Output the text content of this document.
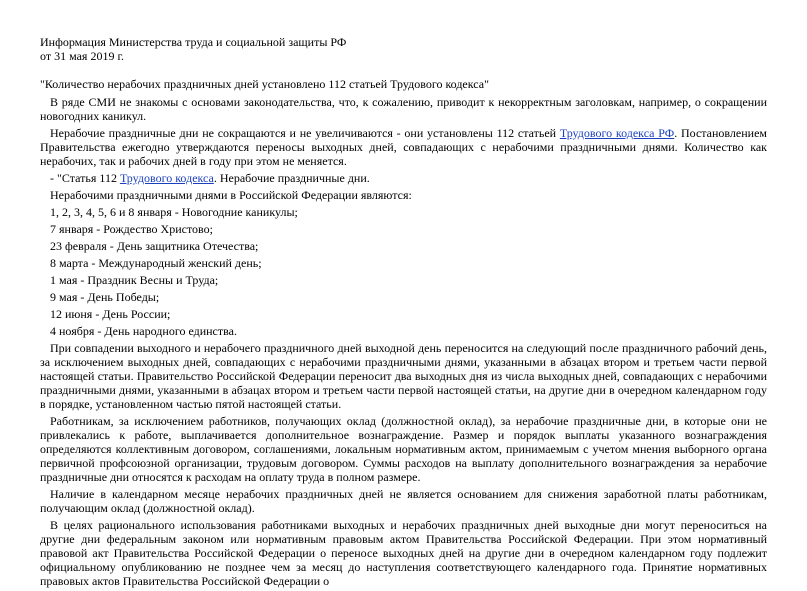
Информация Министерства труда и социальной защиты РФ
от 31 мая 2019 г.
"Количество нерабочих праздничных дней установлено 112 статьей Трудового кодекса"

В ряде СМИ не знакомы с основами законодательства, что, к сожалению, приводит к некорректным заголовкам, например, о сокращении новогодних каникул.

Нерабочие праздничные дни не сокращаются и не увеличиваются - они установлены 112 статьей Трудового кодекса РФ. Постановлением Правительства ежегодно утверждаются переносы выходных дней, совпадающих с нерабочими праздничными днями. Количество как нерабочих, так и рабочих дней в году при этом не меняется.

- "Статья 112 Трудового кодекса. Нерабочие праздничные дни.
Нерабочими праздничными днями в Российской Федерации являются:
1, 2, 3, 4, 5, 6 и 8 января - Новогодние каникулы;
7 января - Рождество Христово;
23 февраля - День защитника Отечества;
8 марта - Международный женский день;
1 мая - Праздник Весны и Труда;
9 мая - День Победы;
12 июня - День России;
4 ноября - День народного единства.

При совпадении выходного и нерабочего праздничного дней выходной день переносится на следующий после праздничного рабочий день, за исключением выходных дней, совпадающих с нерабочими праздничными днями, указанными в абзацах втором и третьем части первой настоящей статьи. Правительство Российской Федерации переносит два выходных дня из числа выходных дней, совпадающих с нерабочими праздничными днями, указанными в абзацах втором и третьем части первой настоящей статьи, на другие дни в очередном календарном году в порядке, установленном частью пятой настоящей статьи.

Работникам, за исключением работников, получающих оклад (должностной оклад), за нерабочие праздничные дни, в которые они не привлекались к работе, выплачивается дополнительное вознаграждение. Размер и порядок выплаты указанного вознаграждения определяются коллективным договором, соглашениями, локальным нормативным актом, принимаемым с учетом мнения выборного органа первичной профсоюзной организации, трудовым договором. Суммы расходов на выплату дополнительного вознаграждения за нерабочие праздничные дни относятся к расходам на оплату труда в полном размере.

Наличие в календарном месяце нерабочих праздничных дней не является основанием для снижения заработной платы работникам, получающим оклад (должностной оклад).

В целях рационального использования работниками выходных и нерабочих праздничных дней выходные дни могут переноситься на другие дни федеральным законом или нормативным правовым актом Правительства Российской Федерации. При этом нормативный правовой акт Правительства Российской Федерации о переносе выходных дней на другие дни в очередном календарном году подлежит официальному опубликованию не позднее чем за месяц до наступления соответствующего календарного года. Принятие нормативных правовых актов Правительства Российской Федерации о
